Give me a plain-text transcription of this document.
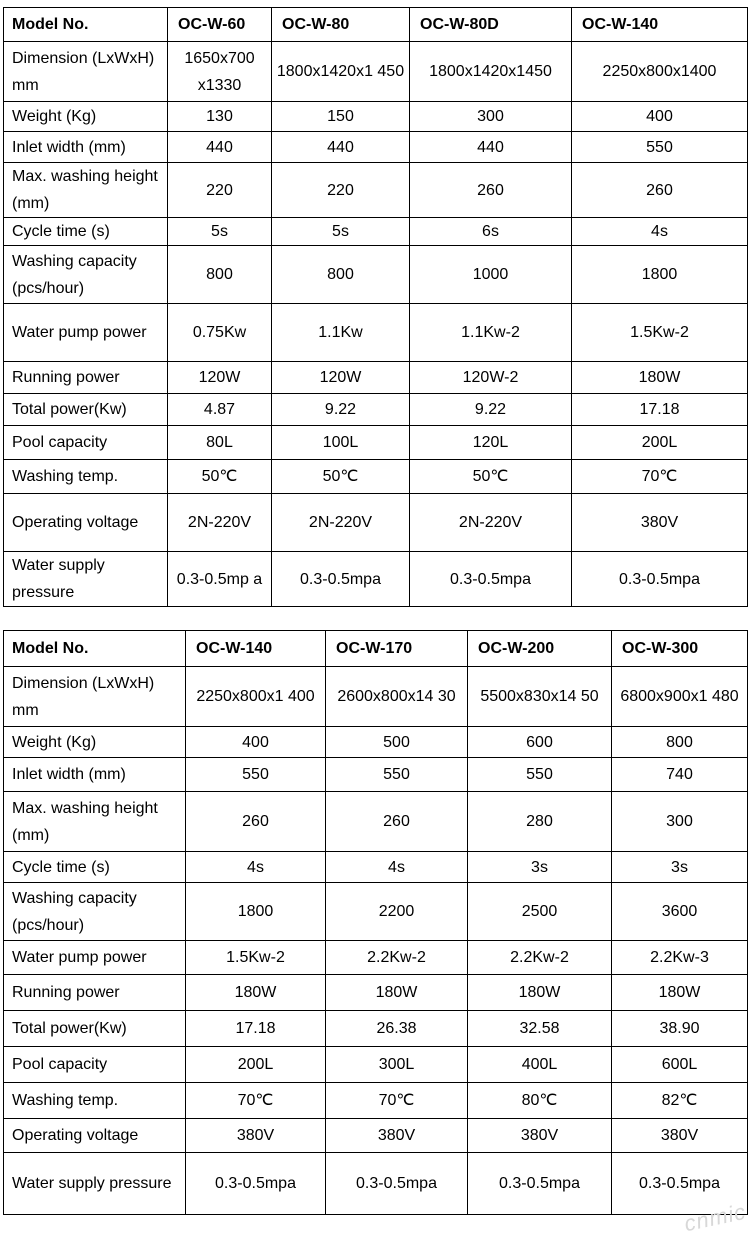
Model No.	OC-W-60	OC-W-80	OC-W-80D	OC-W-140
Dimension (LxWxH) mm	1650x700 x1330	1800x1420x1 450	1800x1420x1450	2250x800x1400
Weight (Kg)	130	150	300	400
Inlet width (mm)	440	440	440	550
Max. washing height (mm)	220	220	260	260
Cycle time (s)	5s	5s	6s	4s
Washing capacity (pcs/hour)	800	800	1000	1800
Water pump power	0.75Kw	1.1Kw	1.1Kw-2	1.5Kw-2
Running power	120W	120W	120W-2	180W
Total power(Kw)	4.87	9.22	9.22	17.18
Pool capacity	80L	100L	120L	200L
Washing temp.	50℃	50℃	50℃	70℃
Operating voltage	2N-220V	2N-220V	2N-220V	380V
Water supply pressure	0.3-0.5mp a	0.3-0.5mpa	0.3-0.5mpa	0.3-0.5mpa
Model No.	OC-W-140	OC-W-170	OC-W-200	OC-W-300
Dimension (LxWxH) mm	2250x800x1 400	2600x800x14 30	5500x830x14 50	6800x900x1 480
Weight (Kg)	400	500	600	800
Inlet width (mm)	550	550	550	740
Max. washing height (mm)	260	260	280	300
Cycle time (s)	4s	4s	3s	3s
Washing capacity (pcs/hour)	1800	2200	2500	3600
Water pump power	1.5Kw-2	2.2Kw-2	2.2Kw-2	2.2Kw-3
Running power	180W	180W	180W	180W
Total power(Kw)	17.18	26.38	32.58	38.90
Pool capacity	200L	300L	400L	600L
Washing temp.	70℃	70℃	80℃	82℃
Operating voltage	380V	380V	380V	380V
Water supply pressure	0.3-0.5mpa	0.3-0.5mpa	0.3-0.5mpa	0.3-0.5mpa
cnmic
